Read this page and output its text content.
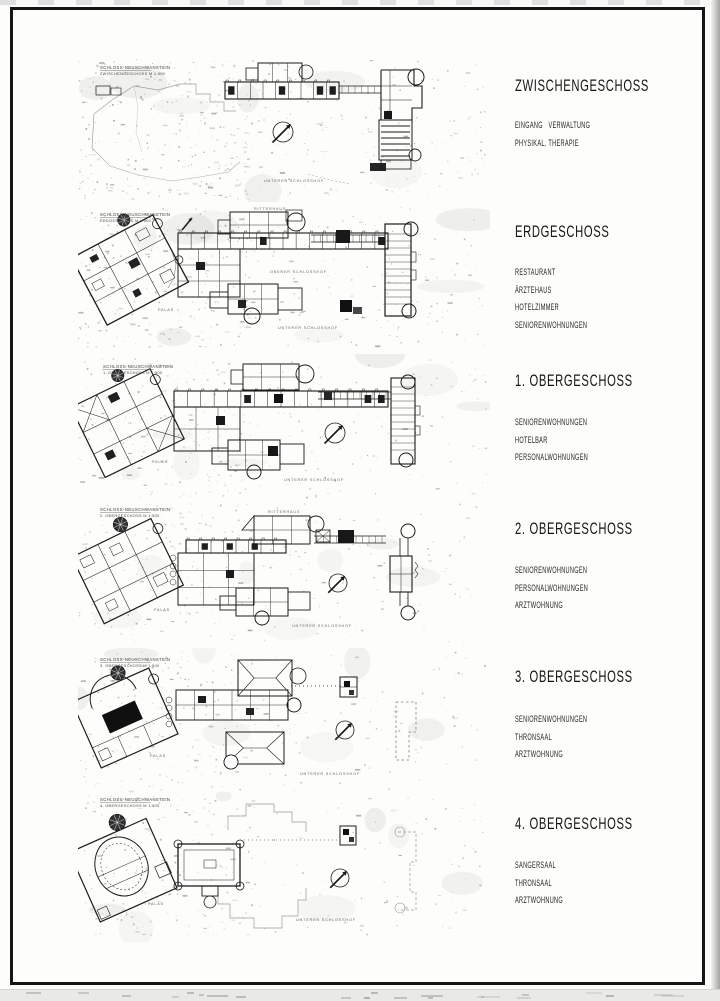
SCHLOSS-NEUSCHWANSTEIN
ZWISCHENGESCHOSS M 1:500
UNTERER SCHLOSSHOF
SCHLOSS-NEUSCHWANSTEIN
ERDGESCHOSS M 1:500
OBERER SCHLOSSHOF
UNTERER SCHLOSSHOF
PALAS
RITTERHAUS
SCHLOSS-NEUSCHWANSTEIN
1. OBERGESCHOSS M 1:500
UNTERER SCHLOSSHOF
PALAS
SCHLOSS-NEUSCHWANSTEIN
2. OBERGESCHOSS M 1:500
UNTERER SCHLOSSHOF
PALAS
RITTERHAUS
SCHLOSS-NEUSCHWANSTEIN
3. OBERGESCHOSS M 1:500
UNTERER SCHLOSSHOF
PALAS
SCHLOSS-NEUSCHWANSTEIN
4. OBERGESCHOSS M 1:500
UNTERER SCHLOSSHOF
PALAS
ZWISCHENGESCHOSS
EINGANG   VERWALTUNG
PHYSIKAL. THERAPIE
ERDGESCHOSS
RESTAURANT
ÄRZTEHAUS
HOTELZIMMER
SENIORENWOHNUNGEN
1. OBERGESCHOSS
SENIORENWOHNUNGEN
HOTELBAR
PERSONALWOHNUNGEN
2. OBERGESCHOSS
SENIORENWOHNUNGEN
PERSONALWOHNUNGEN
ARZTWOHNUNG
3. OBERGESCHOSS
SENIORENWOHNUNGEN
THRONSAAL
ARZTWOHNUNG
4. OBERGESCHOSS
SANGERSAAL
THRONSAAL
ARZTWOHNUNG
